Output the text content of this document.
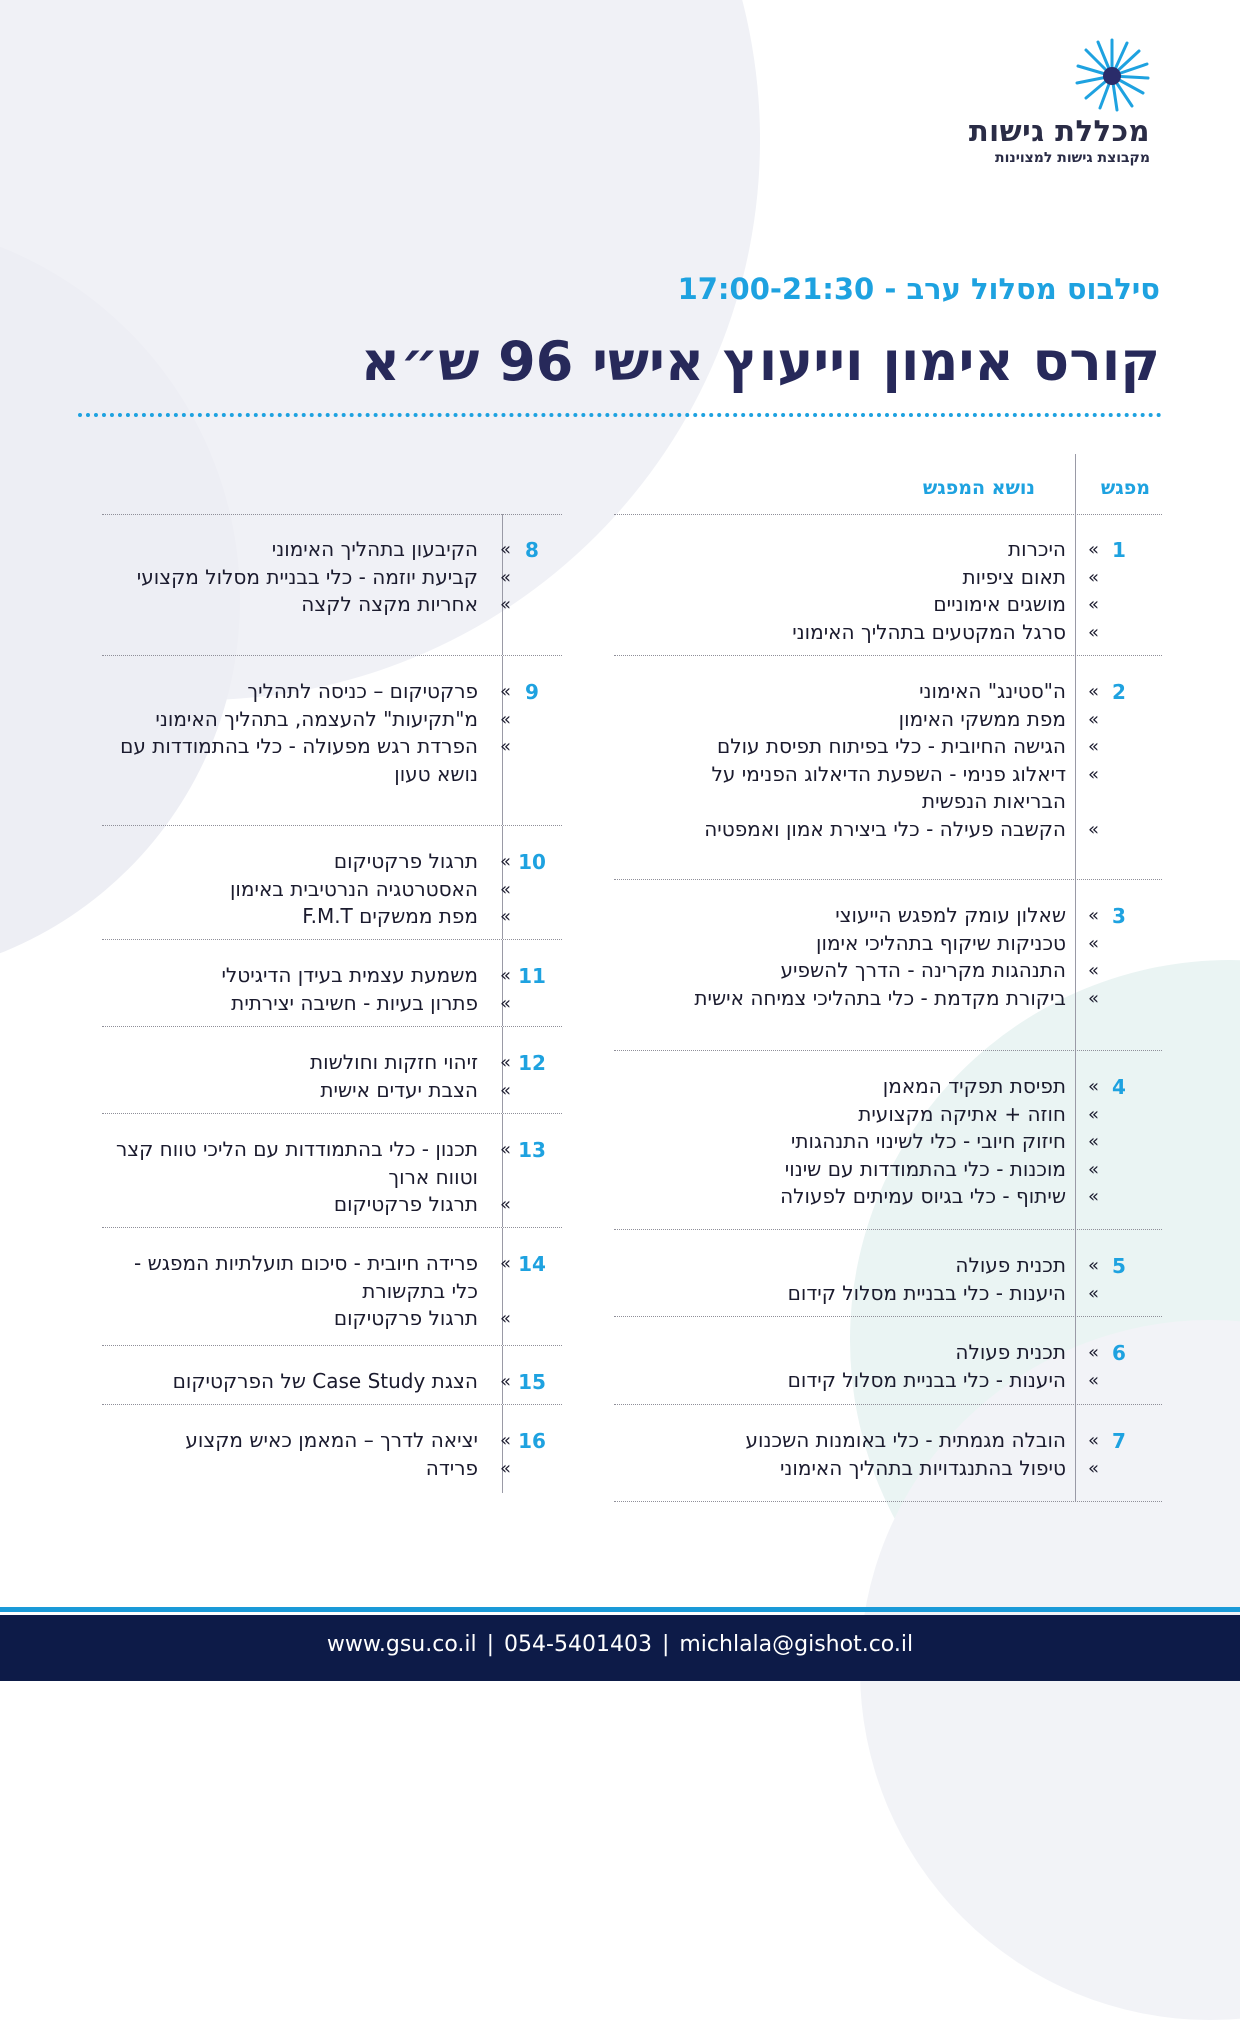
מכללת גישות
מקבוצת גישות למצוינות
סילבוס מסלול ערב - 17:00-21:30
קורס אימון וייעוץ אישי 96 ש״א
מפגש
נושא המפגש
1
»
היכרות
»
תאום ציפיות
»
מושגים אימוניים
»
סרגל המקטעים בתהליך האימוני
2
»
ה"סטינג" האימוני
»
מפת ממשקי האימון
»
הגישה החיובית - כלי בפיתוח תפיסת עולם
»
דיאלוג פנימי - השפעת הדיאלוג הפנימי על הבריאות הנפשית
»
הקשבה פעילה - כלי ביצירת אמון ואמפטיה
3
»
שאלון עומק למפגש הייעוצי
»
טכניקות שיקוף בתהליכי אימון
»
התנהגות מקרינה - הדרך להשפיע
»
ביקורת מקדמת - כלי בתהליכי צמיחה אישית
4
»
תפיסת תפקיד המאמן
»
חוזה + אתיקה מקצועית
»
חיזוק חיובי - כלי לשינוי התנהגותי
»
מוכנות - כלי בהתמודדות עם שינוי
»
שיתוף - כלי בגיוס עמיתים לפעולה
5
»
תכנית פעולה
»
היענות - כלי בבניית מסלול קידום
6
»
תכנית פעולה
»
היענות - כלי בבניית מסלול קידום
7
»
הובלה מגמתית - כלי באומנות השכנוע
»
טיפול בהתנגדויות בתהליך האימוני
8
»
הקיבעון בתהליך האימוני
»
קביעת יוזמה - כלי בבניית מסלול מקצועי
»
אחריות מקצה לקצה
9
»
פרקטיקום – כניסה לתהליך
»
מ"תקיעות" להעצמה, בתהליך האימוני
»
הפרדת רגש מפעולה - כלי בהתמודדות עם נושא טעון
10
»
תרגול פרקטיקום
»
האסטרטגיה הנרטיבית באימון
»
מפת ממשקים F.M.T
11
»
משמעת עצמית בעידן הדיגיטלי
»
פתרון בעיות - חשיבה יצירתית
12
»
זיהוי חזקות וחולשות
»
הצבת יעדים אישית
13
»
תכנון - כלי בהתמודדות עם הליכי טווח קצר וטווח ארוך
»
תרגול פרקטיקום
14
»
פרידה חיובית - סיכום תועלתיות המפגש - כלי בתקשורת
»
תרגול פרקטיקום
15
»
הצגת Case Study של הפרקטיקום
16
»
יציאה לדרך – המאמן כאיש מקצוע
»
פרידה
www.gsu.co.il | 054-5401403 | michlala@gishot.co.il
